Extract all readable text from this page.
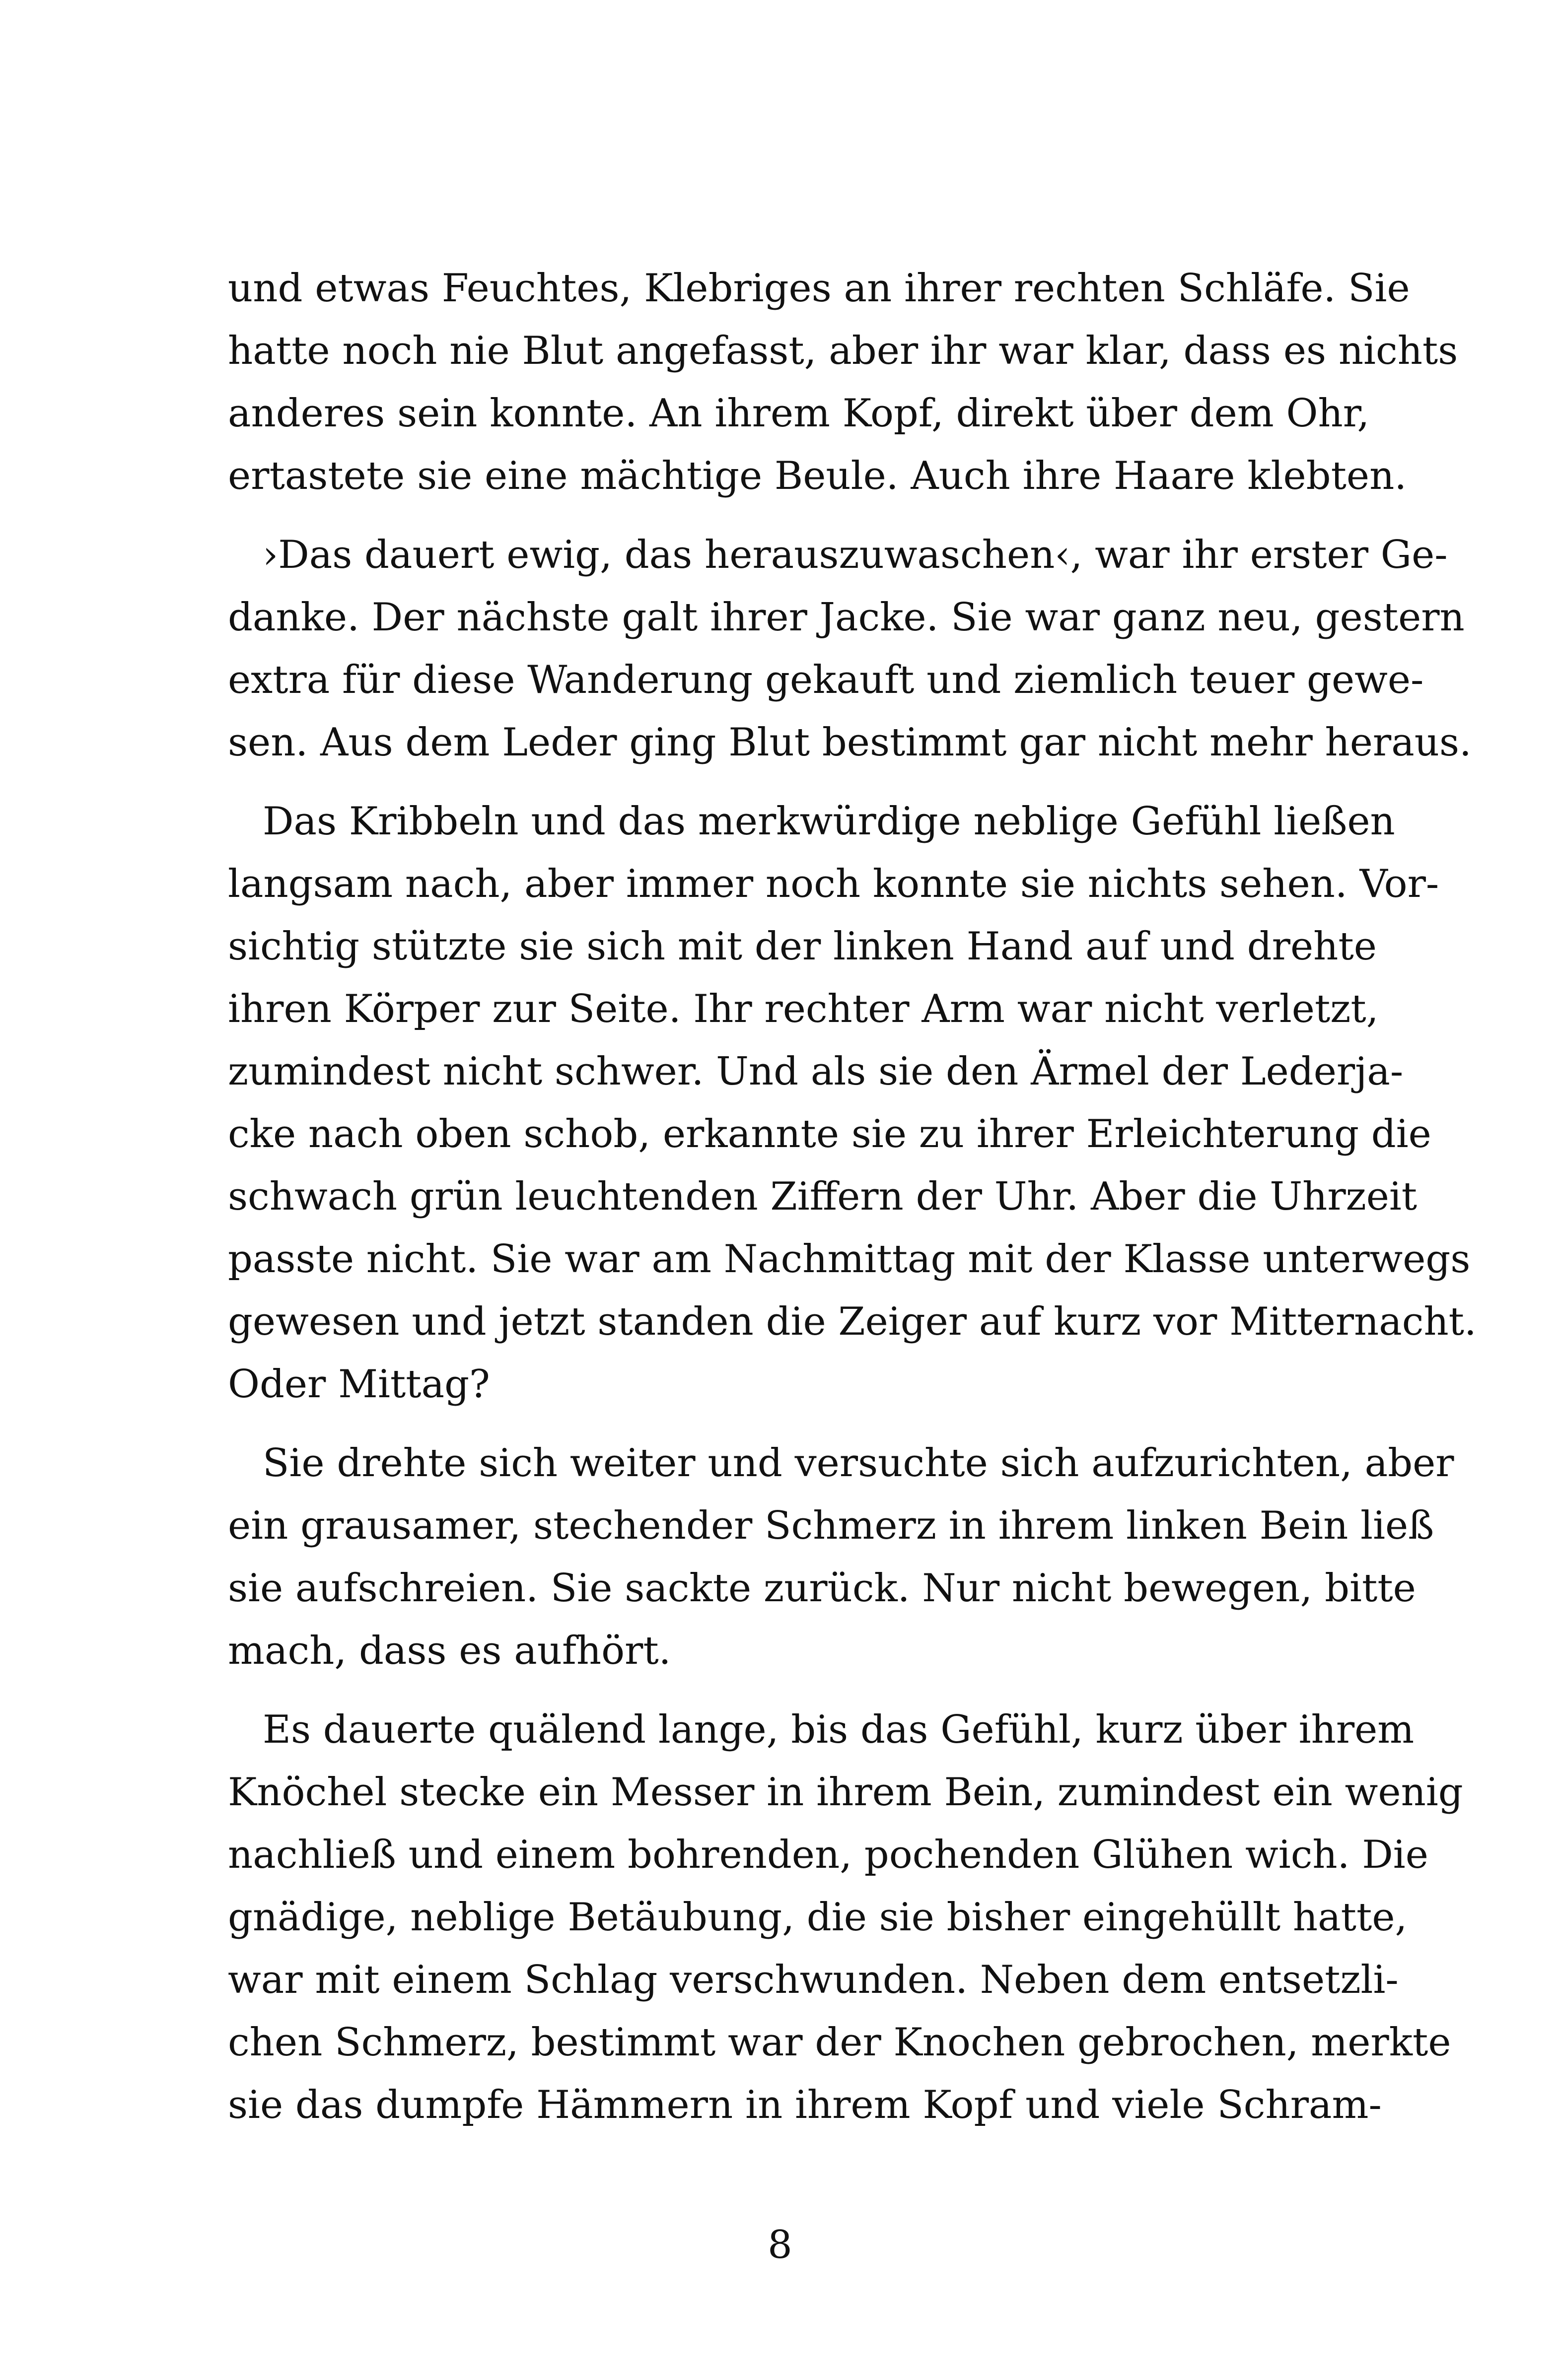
und etwas Feuchtes, Klebriges an ihrer rechten Schläfe. Sie
hatte noch nie Blut angefasst, aber ihr war klar, dass es nichts
anderes sein konnte. An ihrem Kopf, direkt über dem Ohr,
ertastete sie eine mächtige Beule. Auch ihre Haare klebten.
›Das dauert ewig, das herauszuwaschen‹, war ihr erster Ge-
danke. Der nächste galt ihrer Jacke. Sie war ganz neu, gestern
extra für diese Wanderung gekauft und ziemlich teuer gewe-
sen. Aus dem Leder ging Blut bestimmt gar nicht mehr heraus.
Das Kribbeln und das merkwürdige neblige Gefühl ließen
langsam nach, aber immer noch konnte sie nichts sehen. Vor-
sichtig stützte sie sich mit der linken Hand auf und drehte
ihren Körper zur Seite. Ihr rechter Arm war nicht verletzt,
zumindest nicht schwer. Und als sie den Ärmel der Lederja-
cke nach oben schob, erkannte sie zu ihrer Erleichterung die
schwach grün leuchtenden Ziffern der Uhr. Aber die Uhrzeit
passte nicht. Sie war am Nachmittag mit der Klasse unterwegs
gewesen und jetzt standen die Zeiger auf kurz vor Mitternacht.
Oder Mittag?
Sie drehte sich weiter und versuchte sich aufzurichten, aber
ein grausamer, stechender Schmerz in ihrem linken Bein ließ
sie aufschreien. Sie sackte zurück. Nur nicht bewegen, bitte
mach, dass es aufhört.
Es dauerte quälend lange, bis das Gefühl, kurz über ihrem
Knöchel stecke ein Messer in ihrem Bein, zumindest ein wenig
nachließ und einem bohrenden, pochenden Glühen wich. Die
gnädige, neblige Betäubung, die sie bisher eingehüllt hatte,
war mit einem Schlag verschwunden. Neben dem entsetzli-
chen Schmerz, bestimmt war der Knochen gebrochen, merkte
sie das dumpfe Hämmern in ihrem Kopf und viele Schram-
8
